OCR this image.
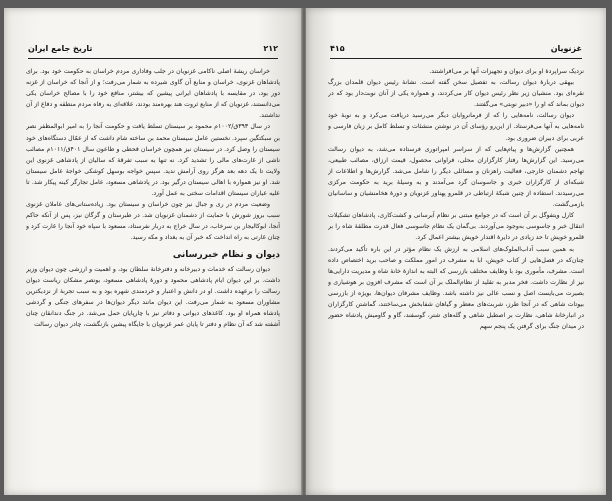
تاریخ جامع ایران	۲۱۲

خراسان ریشهٔ اصلی ناکامی غزنویان در جلب وفاداری مردم خراسان به حکومت خود بود. برای پادشاهان غزنوی، خراسان و منابع آن گاوی شیرده به شمار می‌رفت؛ و از آنجا که خراسان از غزنه دور بود، در مقایسه با پادشاهان ایرانی پیشین که بیشتر، منافع خود را با مصالح خراسان یکی می‌دانستند، غزنویان که از منابع ثروت هند بهره‌مند بودند، علاقه‌ای به رفاه مردم منطقه و دفاع از آن نداشتند.

در سال ۳۹۳ق/۱۰۰۲م محمود بر سیستان تسلط یافت و حکومت آنجا را به امیر ابوالمظفر نصر بن سبکتگین سپرد. نخستین عامل سیستان محمد بن ساخته شام داشت که از عمّال دستگاه‌های خود سیستان را وصل کرد. در سیستان نیز همچون خراسان قحطی و طاعون سال ۴۰۱ق/۱۰۱۱م مصائب ناشی از غارت‌های مالی را تشدید کرد. نه تنها به سبب تفرقهٔ که سالیان از پادشاهی غزنوی این ولایت تا یک دهه بعد هرگز روی آرامش ندید. سپس خواجه بوسهل کوشکی خواجهٔ عامل سیستان شد. او نیز همواره با اهالی سیستان درگیر بود. در پادشاهی مسعود، عامل تجارگر کینه پیکار شد. تا علیه عیاران سیستان اقدامات سختی به عمل آورد.

وضعیت مردم در ری و جبال نیز چون خراسان و سیستان بود. زیاده‌ستانی‌های عاملان غزنوی سبب بروز شورش با حمایت از دشمنان غزنویان شد. در طبرستان و گرگان نیز، پس از آنکه حاکم آنجا، ابوکالیجار بن سرخاب، در سال خراج به دربار نفرستاد، مسعود با سپاه خود آنجا را غارت کرد و چنان غارتی به راه انداخت که خبر آن به بغداد و مکه رسید.

دیوان و نظام خبررسانی

دیوان رسالت که خدمات و دبیرخانه و دفترخانهٔ سلطان بود، و اهمیت و ارزشی چون دیوان وزیر داشت. بر این دیوان ایام پادشاهی محمود و دورهٔ پادشاهی مسعود، بونصر مشکان ریاست دیوان رسالت را برعهده داشت. او در دانش و اعتبار و خردمندی شهره بود و به سبب تجربهٔ از نزدیکترین مشاوران مسعود به شمار می‌رفت. این دیوان مانند دیگر دیوان‌ها در سفرهای جنگی و گردشی پادشاه همراه او بود. کاغذهای دیوانی و دفاتر نیز با چارپایان حمل می‌شد. در جنگ دندانقان چنان آشفته شد که آن نظام و دفتر تا پایان عمر غزنویان با جایگاه پیشین بازنگشت، چادر دیوان رسالت

غزنویان
۴۱۵

نزدیک سراپردهٔ او برای دیوان و تجهیزات آنها بر می‌افراشتند.

بیهقی دربارهٔ دیوان رسالت، به تفصیل سخن گفته است. نشانهٔ رئیس دیوان قلمدان بزرگ نقره‌ای بود. منشیان زیر نظر رئیس دیوان کار می‌کردند، و همواره یکی از آنان نوبت‌دار بود که در دیوان بماند که او را «دبیر نوبتی» می‌گفتند.

دیوان رسالت، نامه‌هایی را که از فرمانروایان دیگر می‌رسید دریافت می‌کرد و به نوبهٔ خود نامه‌هایی به آنها می‌فرستاد. از این‌رو رؤسای آن در نوشتن منشئات و تسلط کامل بر زبان فارسی و عربی برای دبیران ضروری بود.

همچنین گزارش‌ها و پیام‌هایی که از سراسر امپراتوری فرستاده می‌شد، به دیوان رسالت می‌رسید. این گزارش‌ها رفتار کارگزاران محلی، فراوانی محصول، قیمت ارزاق، مصائب طبیعی، تهاجم دشمنان خارجی، فعالیت راهزنان و مسائلی دیگر را شامل می‌شد. گزارش‌ها و اطلاعات از شبکه‌ای از کارگزاران خبری و جاسوسان گرد می‌آمدند و به وسیلهٔ برید به حکومت مرکزی می‌رسیدند. استفاده از چنین شبکهٔ ارتباطی در قلمرو پهناور غزنویان و دورهٔ هخامنشیان و ساسانیان بازمی‌گشت.

کارل ویتفوگل بر آن است که در جوامع مبتنی بر نظام آبرسانی و کشت‌کاری، پادشاهان تشکیلات انتقال خبر و جاسوسی به‌وجود می‌آوردند. بی‌گمان یک نظام جاسوسی فعال قدرت مطلقهٔ شاه را بر قلمرو خویش تا حد زیادی در دایرهٔ اقتدار خویش بیشتر اعمال کرد.

به همین سبب آداب‌الملوک‌های اسلامی به ارزش یک نظام مؤثر در این باره تأکید می‌کردند. چنان‌که در فصل‌هایی از کتاب خویش، ابا به مشرف در امور مملکت و صاحب برید اختصاص داده است. مشرف، مأموری بود با وظایف مختلف بازرسی که البته به اندازهٔ خانهٔ شاه و مدیریت دارایی‌ها نیز از نظارت داشت. فخر مدبر به تقلید از نظام‌الملک بر آن است که مشرف افزون بر هوشیاری و بصیرت می‌بایست اصل و نسب عالی نیز داشته باشد. وظایف مشرفان دیوان‌ها، بویژه از بازرسی بیوتات شاهی که در آنجا طرز، شربت‌های معطر و گیاهان شفابخش می‌ساختند، گماشتن کارگزاران در انبارخانهٔ شاهی، نظارت بر اصطبل شاهی و گله‌های شتر، گوسفند، گاو و گاومیش پادشاه حضور در میدان جنگ برای گرفتن یک پنجم سهم
